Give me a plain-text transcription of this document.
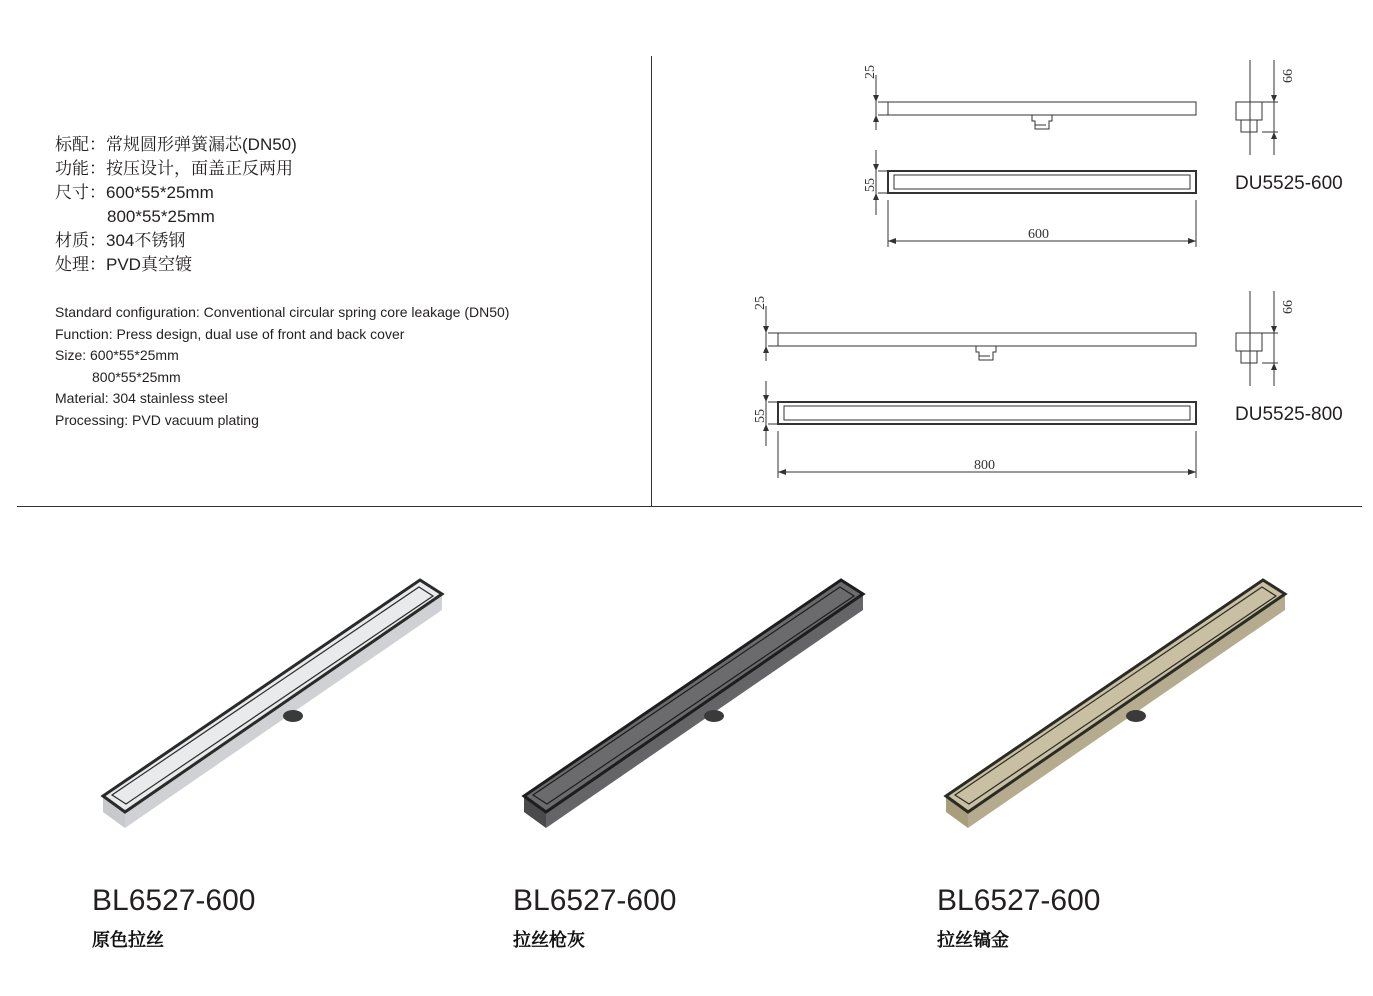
标配：常规圆形弹簧漏芯(DN50)
功能：按压设计，面盖正反两用
尺寸：600*55*25mm
800*55*25mm
材质：304不锈钢
处理：PVD真空镀
Standard configuration: Conventional circular spring core leakage (DN50)
Function: Press design, dual use of front and back cover
Size: 600*55*25mm
800*55*25mm
Material: 304 stainless steel
Processing: PVD vacuum plating
25
55
600
66
DU5525-600
25
55
800
66
DU5525-800
BL6527-600
原色拉丝
BL6527-600
拉丝枪灰
BL6527-600
拉丝镐金
